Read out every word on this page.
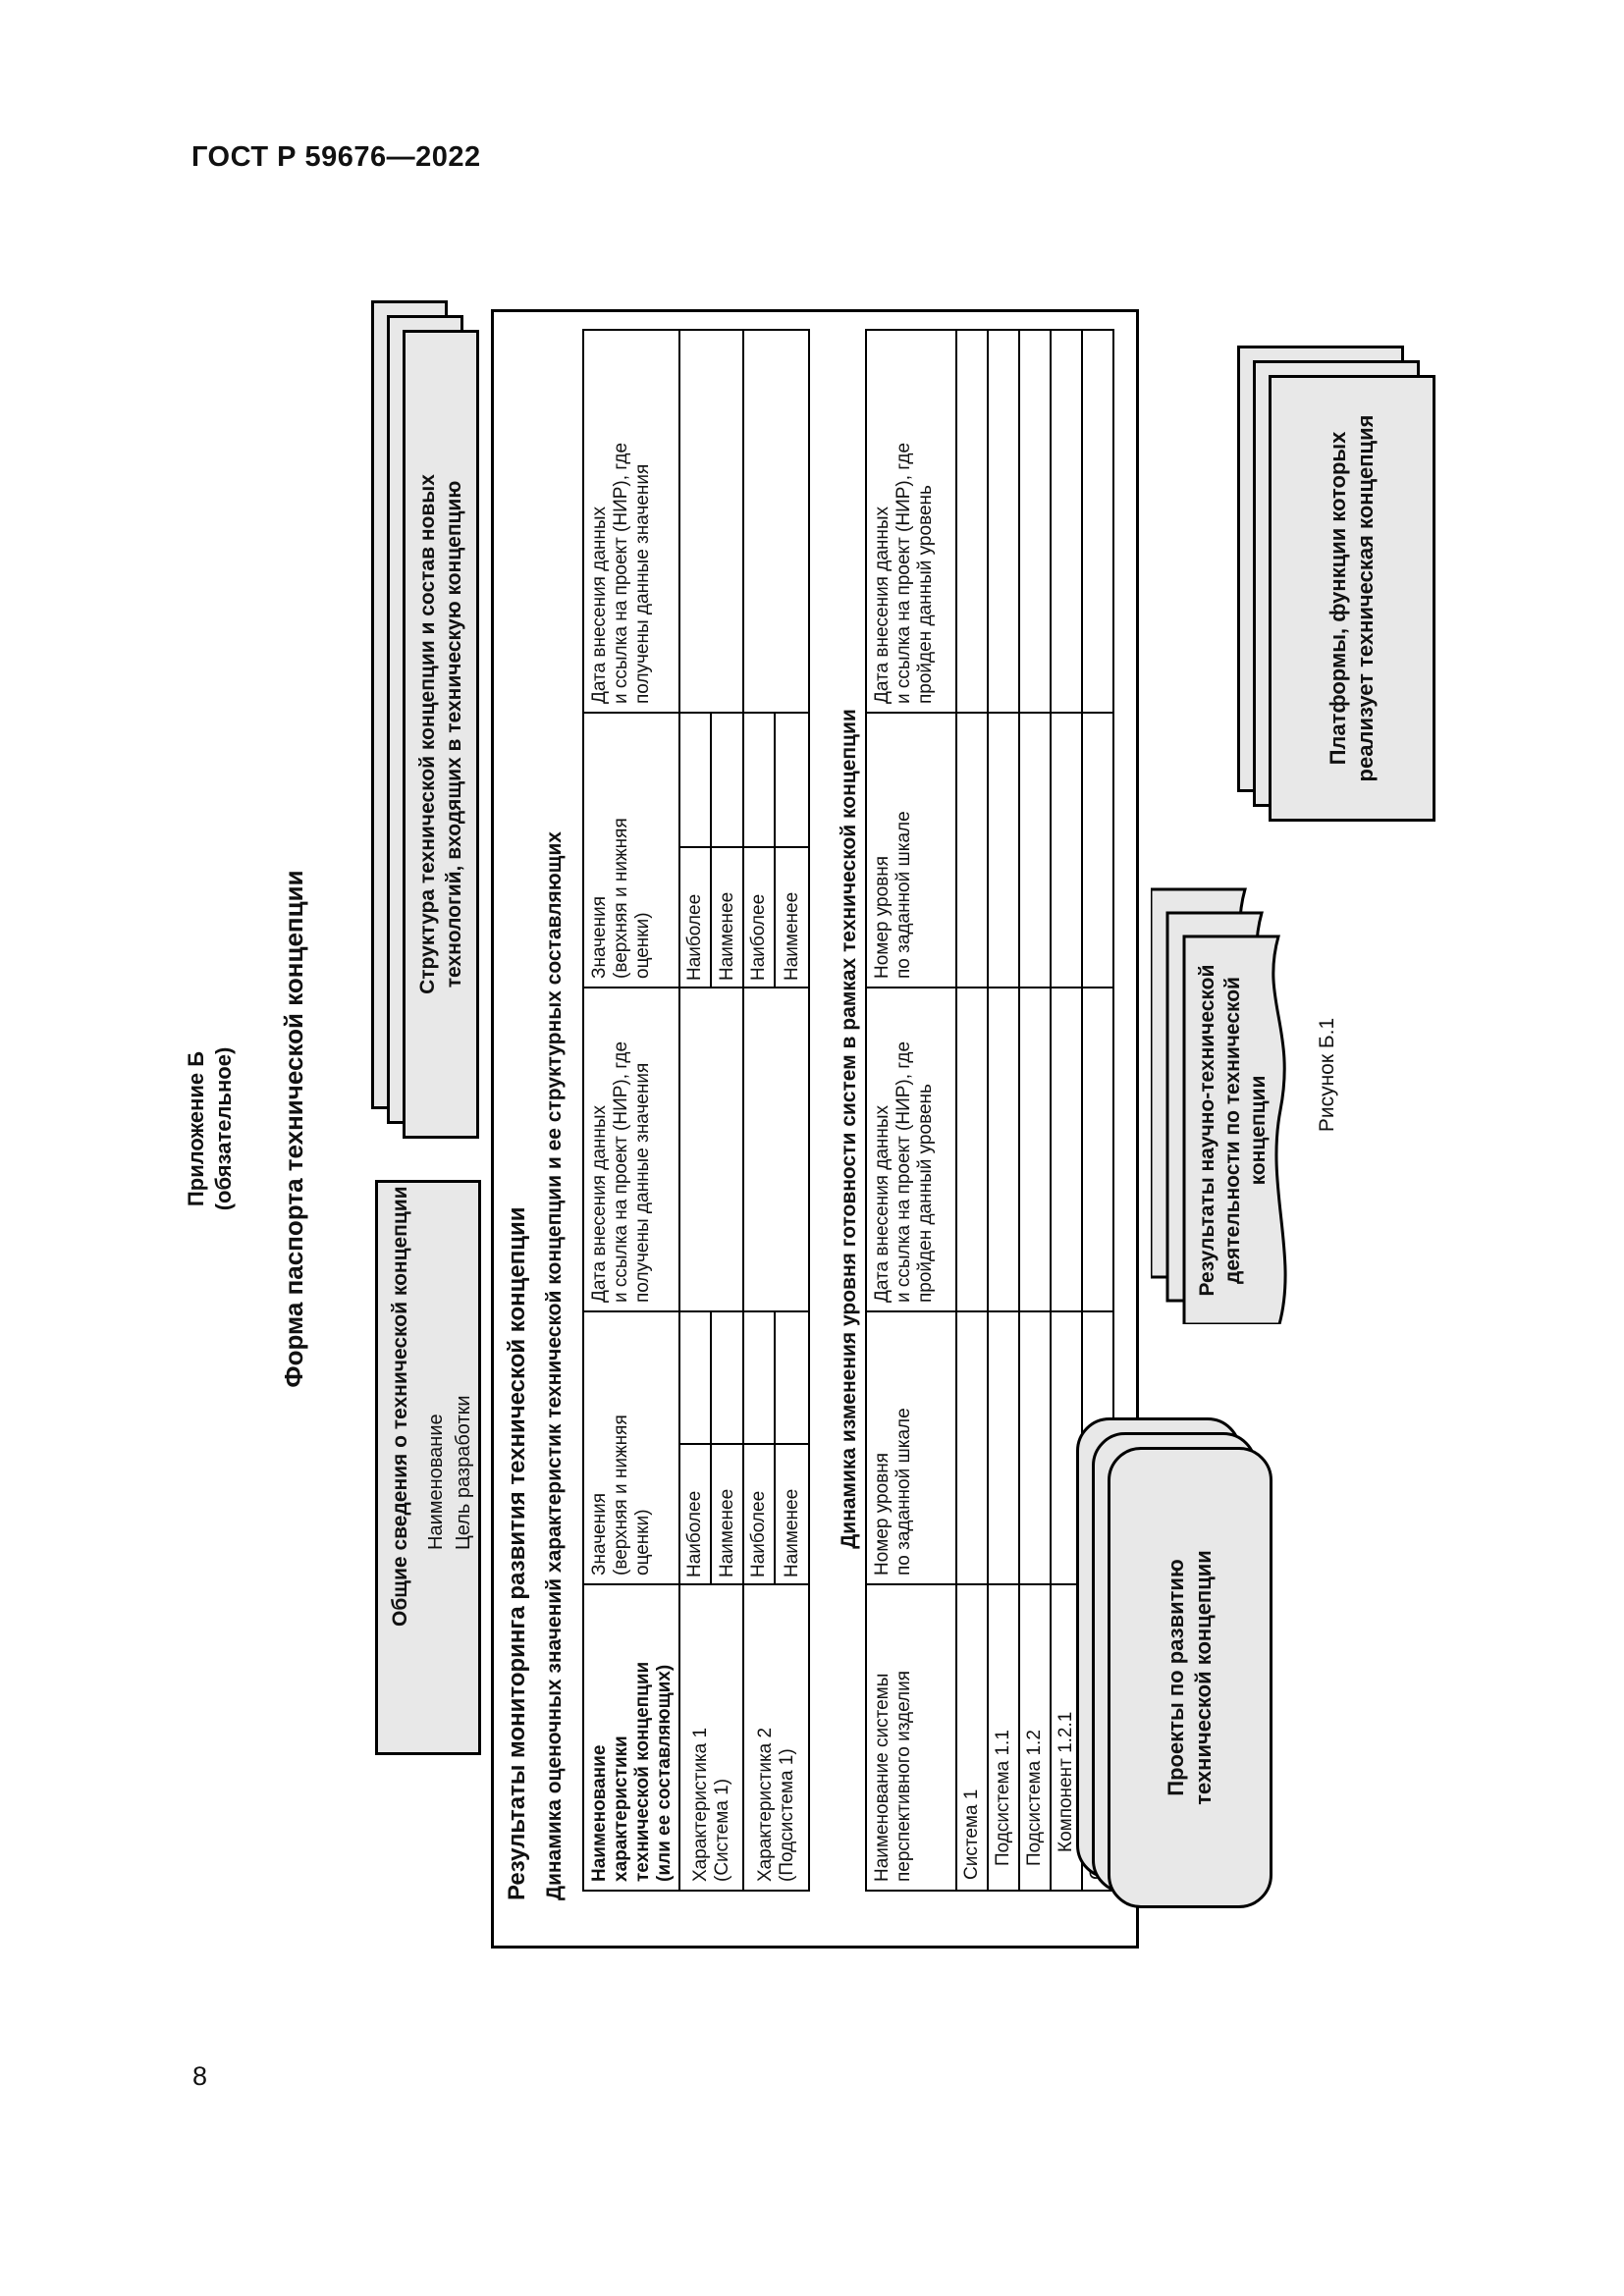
ГОСТ Р 59676—2022
Приложение Б (обязательное) Форма паспорта технической концепции
Общие сведения о технической концепции Наименование Цель разработки
Структура технической концепции и состав новых технологий, входящих в техническую концепцию
Результаты мониторинга развития технической концепции Динамика оценочных значений характеристик технической концепции и ее структурных составляющих Наименование характеристики технической концепции (или ее составляющих)
Значения (верхняя и нижняя оценки)
Дата внесения данных и ссылка на проект (НИР), где получены данные значения
Значения (верхняя и нижняя оценки)
Дата внесения данных и ссылка на проект (НИР), где получены данные значения
Характеристика 1 (Система 1)
Наиболее Наименее
Наиболее Наименее
Характеристика 2 (Подсистема 1)
Наиболее Наименее
Наиболее Наименее	Динамика изменения уровня готовности систем в рамках технической концепции
Наименование системы перспективного изделия
Номер уровня по заданной шкале
Дата внесения данных и ссылка на проект (НИР), где пройден данный уровень
Номер уровня по заданной шкале
Дата внесения данных и ссылка на проект (НИР), где пройден данный уровень
Система 1 Подсистема 1.1 Подсистема 1.2 Компонент 1.2.1	Проекты по развитию технической концепции
Результаты научно-технической деятельности по технической концепции
Платформы, функции которых реализует техническая концепция
Рисунок Б.1
8
